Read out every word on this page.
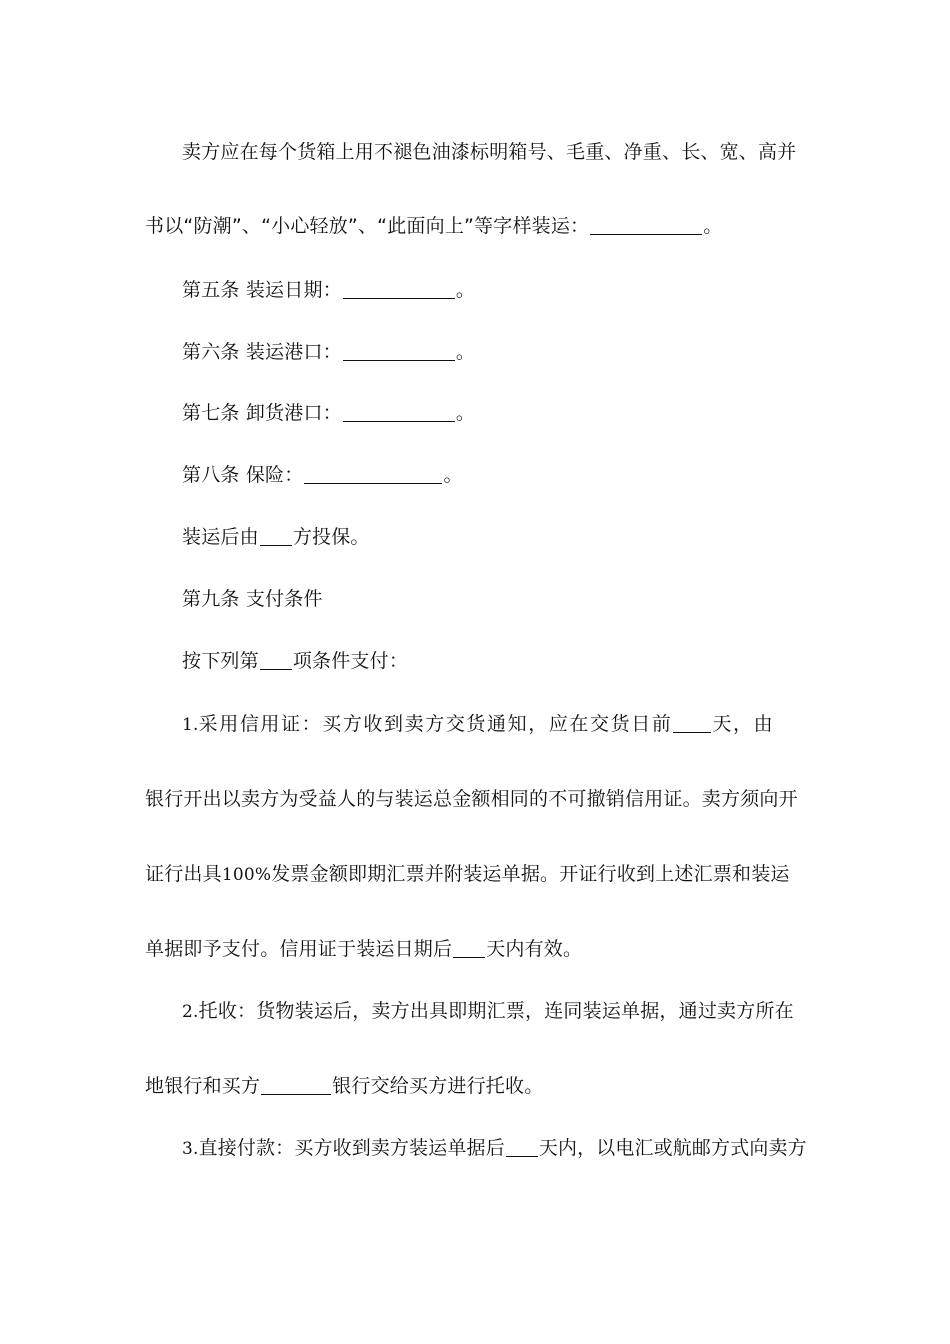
卖方应在每个货箱上用不褪色油漆标明箱号、毛重、净重、长、宽、高并
书以“防潮”、“小心轻放”、“此面向上”等字样装运：	。
第五条 装运日期：	。
第六条 装运港口：	。
第七条 卸货港口：	。
第八条 保险：	。
装运后由 方投保。
第九条 支付条件
按下列第 项条件支付：
1.采用信用证：买方收到卖方交货通知，应在交货日前 天，由
银行开出以卖方为受益人的与装运总金额相同的不可撤销信用证。卖方须向开
证行出具100%发票金额即期汇票并附装运单据。开证行收到上述汇票和装运
单据即予支付。信用证于装运日期后 天内有效。
2.托收：货物装运后，卖方出具即期汇票，连同装运单据，通过卖方所在
地银行和买方	银行交给买方进行托收。
3.直接付款：买方收到卖方装运单据后 天内，以电汇或航邮方式向卖方
